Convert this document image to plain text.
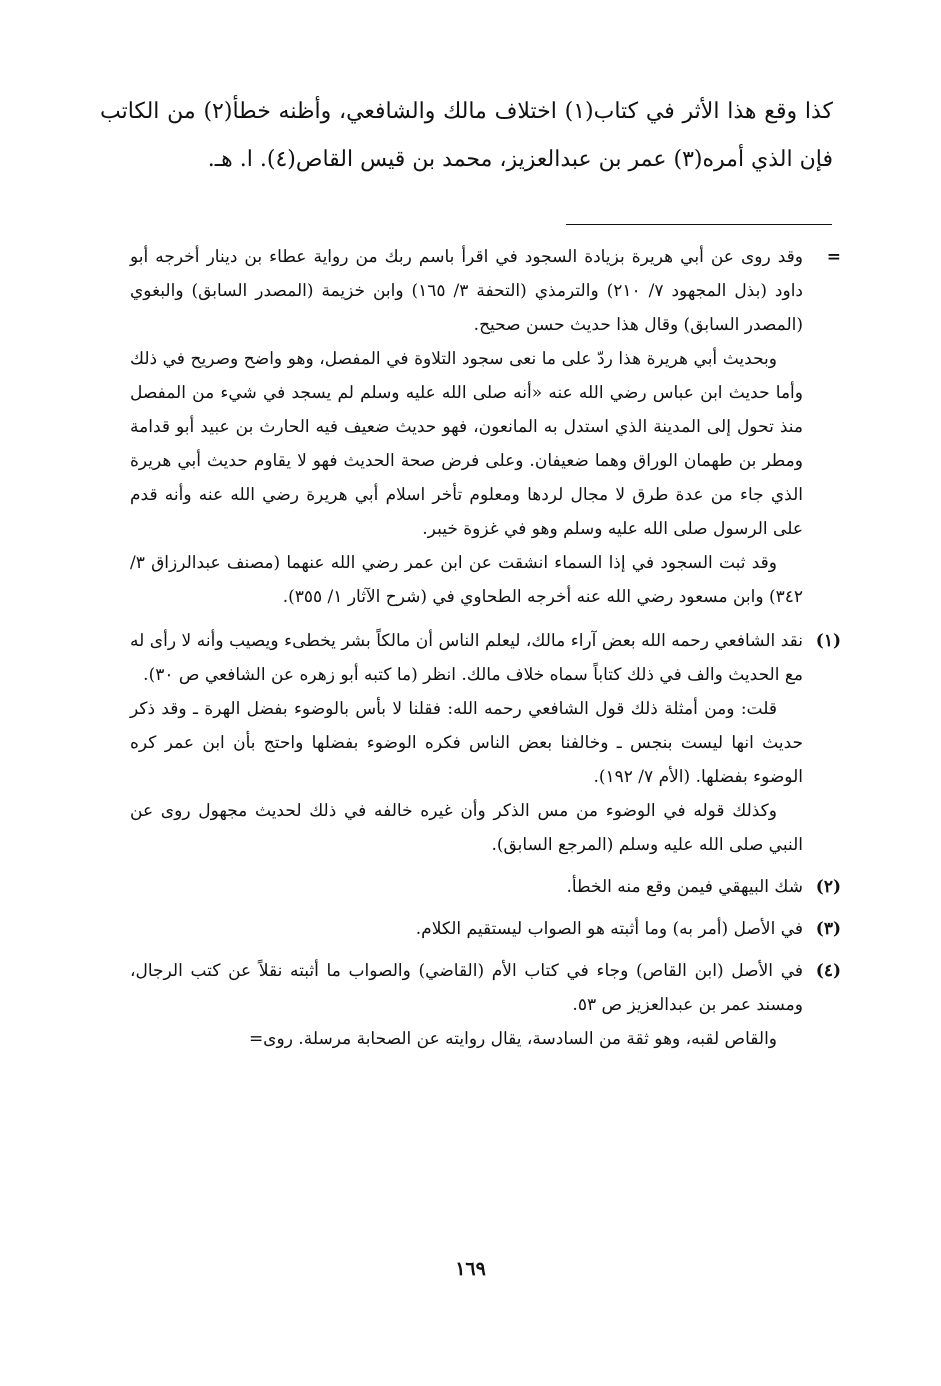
كذا وقع هذا الأثر في كتاب(١) اختلاف مالك والشافعي، وأظنه خطأ(٢) من الكاتب فإن الذي أمره(٣) عمر بن عبدالعزيز، محمد بن قيس القاص(٤). ا. هـ.
=

وقد روى عن أبي هريرة بزيادة السجود في اقرأ باسم ربك من رواية عطاء بن دينار أخرجه أبو داود (بذل المجهود ٧/ ٢١٠) والترمذي (التحفة ٣/ ١٦٥) وابن خزيمة (المصدر السابق) والبغوي (المصدر السابق) وقال هذا حديث حسن صحيح.

وبحديث أبي هريرة هذا ردّ على ما نعى سجود التلاوة في المفصل، وهو واضح وصريح في ذلك وأما حديث ابن عباس رضي الله عنه «أنه صلى الله عليه وسلم لم يسجد في شيء من المفصل منذ تحول إلى المدينة الذي استدل به المانعون، فهو حديث ضعيف فيه الحارث بن عبيد أبو قدامة ومطر بن طهمان الوراق وهما ضعيفان. وعلى فرض صحة الحديث فهو لا يقاوم حديث أبي هريرة الذي جاء من عدة طرق لا مجال لردها ومعلوم تأخر اسلام أبي هريرة رضي الله عنه وأنه قدم على الرسول صلى الله عليه وسلم وهو في غزوة خيبر.

وقد ثبت السجود في إذا السماء انشقت عن ابن عمر رضي الله عنهما (مصنف عبدالرزاق ٣/ ٣٤٢) وابن مسعود رضي الله عنه أخرجه الطحاوي في (شرح الآثار ١/ ٣٥٥).

(١)

نقد الشافعي رحمه الله بعض آراء مالك، ليعلم الناس أن مالكاً بشر يخطىء ويصيب وأنه لا رأى له مع الحديث والف في ذلك كتاباً سماه خلاف مالك. انظر (ما كتبه أبو زهره عن الشافعي ص ٣٠).

قلت: ومن أمثلة ذلك قول الشافعي رحمه الله: فقلنا لا بأس بالوضوء بفضل الهرة ـ وقد ذكر حديث انها ليست بنجس ـ وخالفنا بعض الناس فكره الوضوء بفضلها واحتج بأن ابن عمر كره الوضوء بفضلها. (الأم ٧/ ١٩٢).

وكذلك قوله في الوضوء من مس الذكر وأن غيره خالفه في ذلك لحديث مجهول روى عن النبي صلى الله عليه وسلم (المرجع السابق).

(٢)

شك البيهقي فيمن وقع منه الخطأ.

(٣)

في الأصل (أمر به) وما أثبته هو الصواب ليستقيم الكلام.

(٤)

في الأصل (ابن القاص) وجاء في كتاب الأم (القاضي) والصواب ما أثبته نقلاً عن كتب الرجال، ومسند عمر بن عبدالعزيز ص ٥٣.

والقاص لقبه، وهو ثقة من السادسة، يقال روايته عن الصحابة مرسلة. روى=

١٦٩
